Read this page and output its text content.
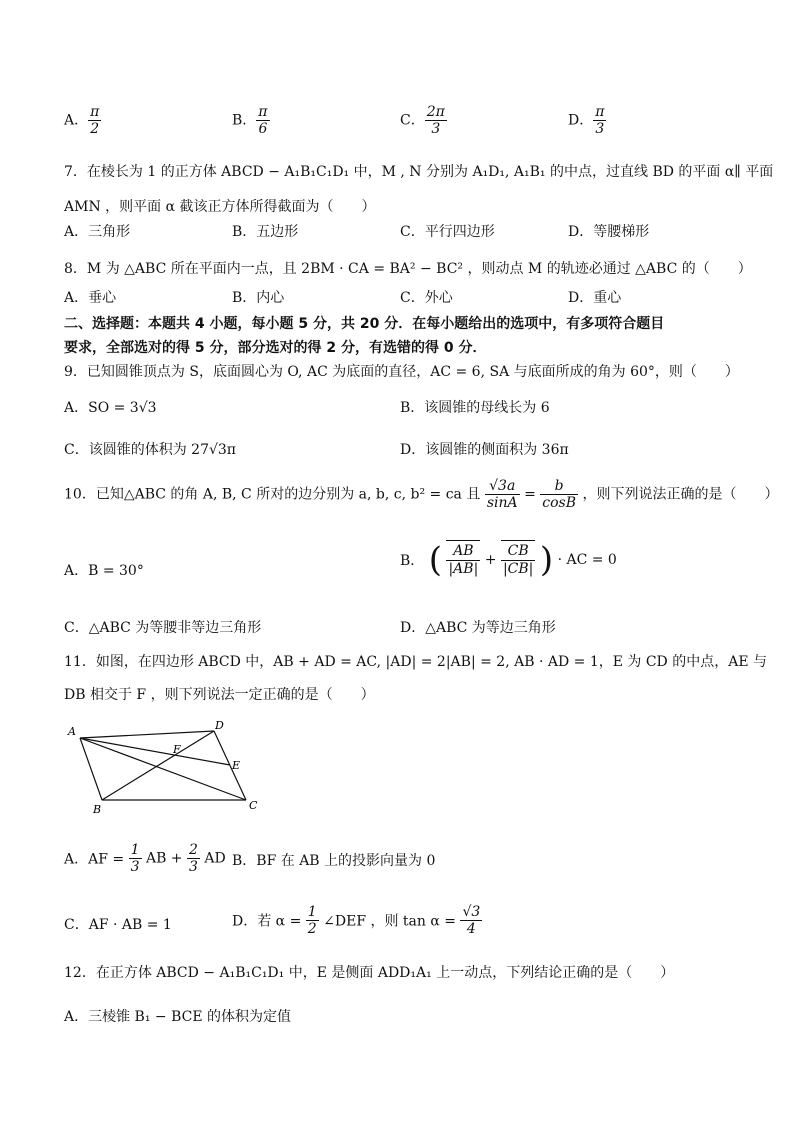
A． $\frac{\pi}{2}$	B． $\frac{\pi}{6}$	C． $\frac{2\pi}{3}$	D． $\frac{\pi}{3}$
7．在棱长为 1 的正方体 ABCD − A₁B₁C₁D₁ 中，M , N 分别为 A₁D₁, A₁B₁ 的中点，过直线 BD 的平面 α∥ 平面
AMN ，则平面 α 截该正方体所得截面为（　　）
A．三角形	B．五边形	C．平行四边形	D．等腰梯形
8．M 为 △ABC 所在平面内一点，且 2BM · CA = BA² − BC² ，则动点 M 的轨迹必通过 △ABC 的（　　）
A．垂心	B．内心	C．外心	D．重心
二、选择题：本题共 4 小题，每小题 5 分，共 20 分．在每小题给出的选项中，有多项符合题目
要求，全部选对的得 5 分，部分选对的得 2 分，有选错的得 0 分．
9．已知圆锥顶点为 S，底面圆心为 O, AC 为底面的直径，AC = 6, SA 与底面所成的角为 60°，则（　　）
A．SO = 3√3	B．该圆锥的母线长为 6
C．该圆锥的体积为 27√3π	D．该圆锥的侧面积为 36π
10．已知△ABC 的角 A, B, C 所对的边分别为 a, b, c, b² = ca 且 $\frac{√3a}{\sin A} = \frac{b}{\cos B}$ ，则下列说法正确的是（　　）
A．B = 30°
B． ( $\frac{AB}{|AB|} + \frac{CB}{|CB|}$ ) · AC = 0
C．△ABC 为等腰非等边三角形	D．△ABC 为等边三角形
11．如图，在四边形 ABCD 中，AB + AD = AC, |AD| = 2|AB| = 2, AB · AD = 1，E 为 CD 的中点，AE 与
DB 相交于 F ，则下列说法一定正确的是（　　）
A	D
F
E
B	C
A．AF = $\frac{1}{3}$ AB + $\frac{2}{3}$ AD B．BF 在 AB 上的投影向量为 0
C．AF · AB = 1	D．若 $\alpha = \frac{1}{2}$ ∠DEF ，则 $\tan \alpha = \frac{√3}{4}$
12．在正方体 ABCD − A₁B₁C₁D₁ 中，E 是侧面 ADD₁A₁ 上一动点，下列结论正确的是（　　）
A．三棱锥 B₁ − BCE 的体积为定值
